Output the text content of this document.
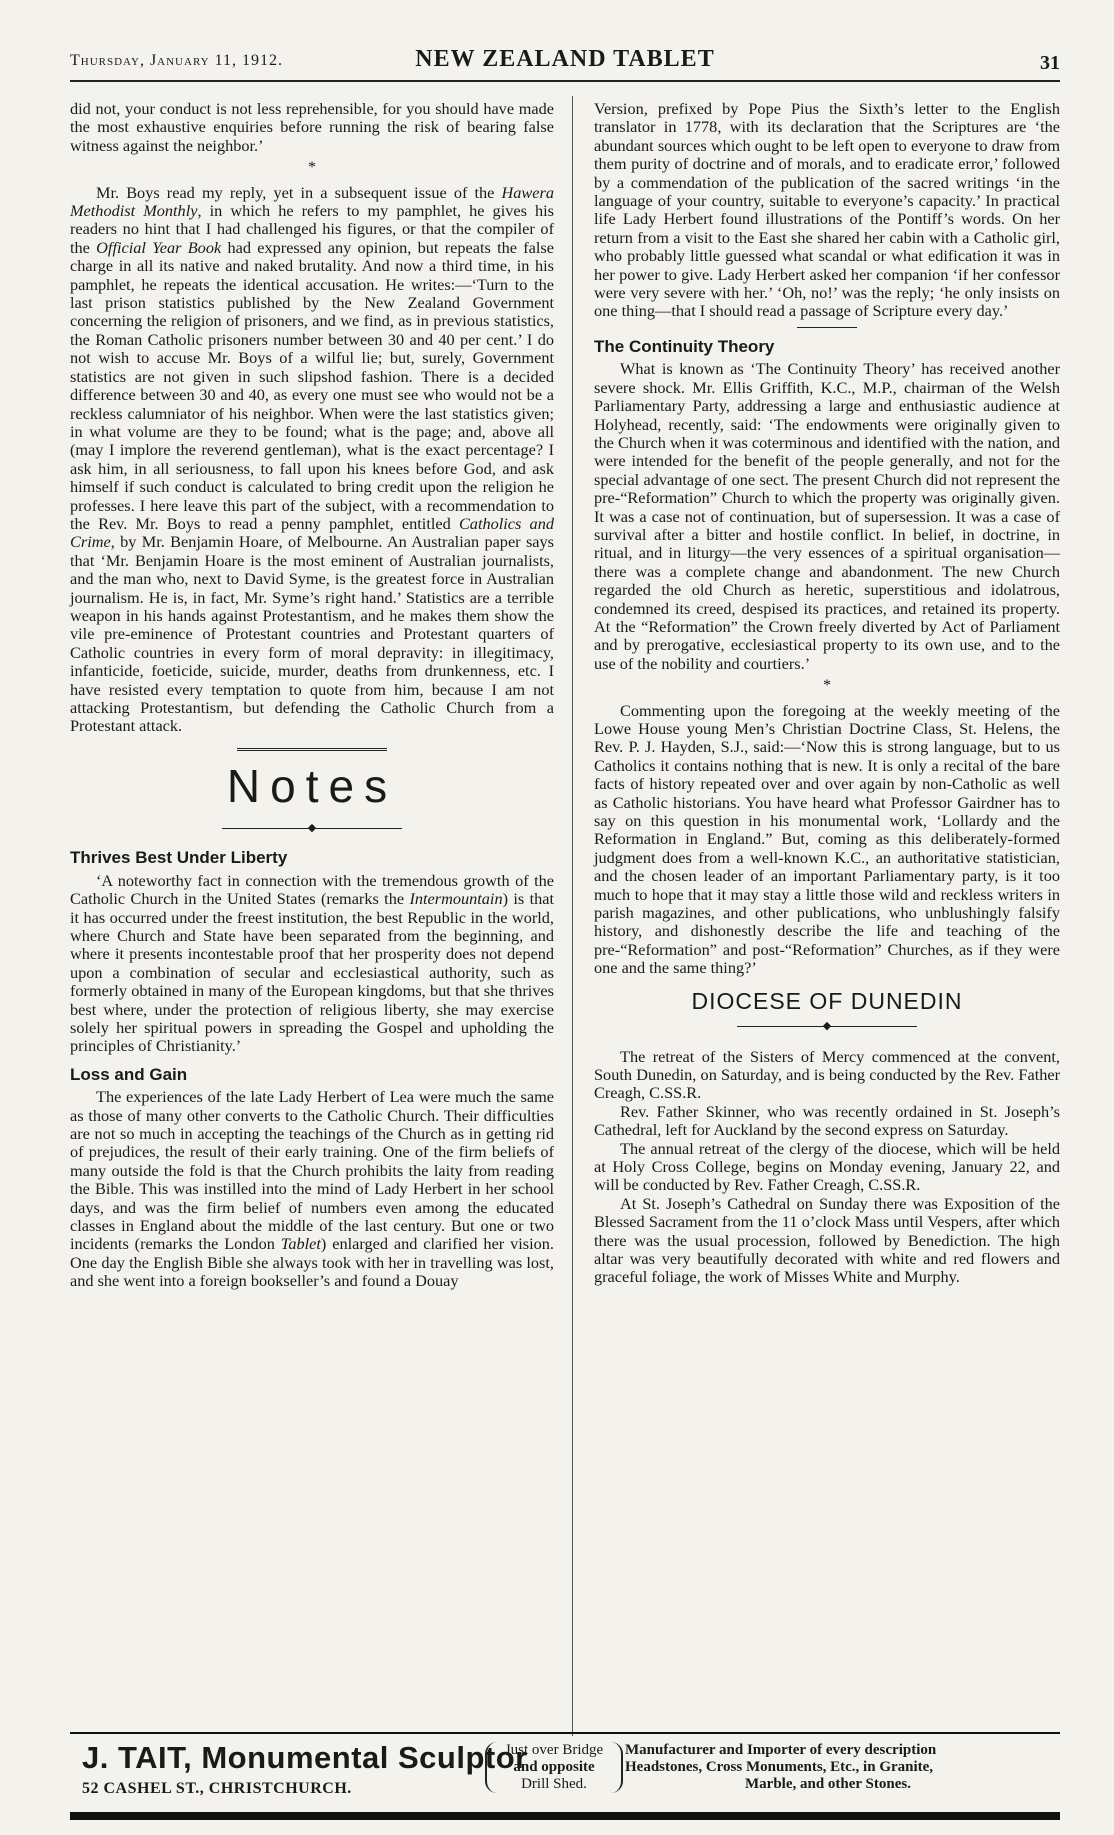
Thursday, January 11, 1912.	NEW ZEALAND TABLET	31

did not, your conduct is not less reprehensible, for you should have made the most exhaustive enquiries before running the risk of bearing false witness against the neighbor.’

*

Mr. Boys read my reply, yet in a subsequent issue of the Hawera Methodist Monthly, in which he refers to my pamphlet, he gives his readers no hint that I had challenged his figures, or that the compiler of the Official Year Book had expressed any opinion, but repeats the false charge in all its native and naked brutality. And now a third time, in his pamphlet, he repeats the identical accusation. He writes:—‘Turn to the last prison statistics published by the New Zealand Government concerning the religion of prisoners, and we find, as in previous statistics, the Roman Catholic prisoners number between 30 and 40 per cent.’ I do not wish to accuse Mr. Boys of a wilful lie; but, surely, Government statistics are not given in such slipshod fashion. There is a decided difference between 30 and 40, as every one must see who would not be a reckless calumniator of his neighbor. When were the last statistics given; in what volume are they to be found; what is the page; and, above all (may I implore the reverend gentleman), what is the exact percentage? I ask him, in all seriousness, to fall upon his knees before God, and ask himself if such conduct is calculated to bring credit upon the religion he professes. I here leave this part of the subject, with a recommendation to the Rev. Mr. Boys to read a penny pamphlet, entitled Catholics and Crime, by Mr. Benjamin Hoare, of Melbourne. An Australian paper says that ‘Mr. Benjamin Hoare is the most eminent of Australian journalists, and the man who, next to David Syme, is the greatest force in Australian journalism. He is, in fact, Mr. Syme’s right hand.’ Statistics are a terrible weapon in his hands against Protestantism, and he makes them show the vile pre-eminence of Protestant countries and Protestant quarters of Catholic countries in every form of moral depravity: in illegitimacy, infanticide, foeticide, suicide, murder, deaths from drunkenness, etc. I have resisted every temptation to quote from him, because I am not attacking Protestantism, but defending the Catholic Church from a Protestant attack.

Notes
◆
Thrives Best Under Liberty

‘A noteworthy fact in connection with the tremendous growth of the Catholic Church in the United States (remarks the Intermountain) is that it has occurred under the freest institution, the best Republic in the world, where Church and State have been separated from the beginning, and where it presents incontestable proof that her prosperity does not depend upon a combination of secular and ecclesiastical authority, such as formerly obtained in many of the European kingdoms, but that she thrives best where, under the protection of religious liberty, she may exercise solely her spiritual powers in spreading the Gospel and upholding the principles of Christianity.’

Loss and Gain

The experiences of the late Lady Herbert of Lea were much the same as those of many other converts to the Catholic Church. Their difficulties are not so much in accepting the teachings of the Church as in getting rid of prejudices, the result of their early training. One of the firm beliefs of many outside the fold is that the Church prohibits the laity from reading the Bible. This was instilled into the mind of Lady Herbert in her school days, and was the firm belief of numbers even among the educated classes in England about the middle of the last century. But one or two incidents (remarks the London Tablet) enlarged and clarified her vision. One day the English Bible she always took with her in travelling was lost, and she went into a foreign bookseller’s and found a Douay

Version, prefixed by Pope Pius the Sixth’s letter to the English translator in 1778, with its declaration that the Scriptures are ‘the abundant sources which ought to be left open to everyone to draw from them purity of doctrine and of morals, and to eradicate error,’ followed by a commendation of the publication of the sacred writings ‘in the language of your country, suitable to everyone’s capacity.’ In practical life Lady Herbert found illustrations of the Pontiff’s words. On her return from a visit to the East she shared her cabin with a Catholic girl, who probably little guessed what scandal or what edification it was in her power to give. Lady Herbert asked her companion ‘if her confessor were very severe with her.’ ‘Oh, no!’ was the reply; ‘he only insists on one thing—that I should read a passage of Scripture every day.’

The Continuity Theory

What is known as ‘The Continuity Theory’ has received another severe shock. Mr. Ellis Griffith, K.C., M.P., chairman of the Welsh Parliamentary Party, addressing a large and enthusiastic audience at Holyhead, recently, said: ‘The endowments were originally given to the Church when it was coterminous and identified with the nation, and were intended for the benefit of the people generally, and not for the special advantage of one sect. The present Church did not represent the pre-“Reformation” Church to which the property was originally given. It was a case not of continuation, but of supersession. It was a case of survival after a bitter and hostile conflict. In belief, in doctrine, in ritual, and in liturgy—the very essences of a spiritual organisation—there was a complete change and abandonment. The new Church regarded the old Church as heretic, superstitious and idolatrous, condemned its creed, despised its practices, and retained its property. At the “Reformation” the Crown freely diverted by Act of Parliament and by prerogative, ecclesiastical property to its own use, and to the use of the nobility and courtiers.’

*

Commenting upon the foregoing at the weekly meeting of the Lowe House young Men’s Christian Doctrine Class, St. Helens, the Rev. P. J. Hayden, S.J., said:—‘Now this is strong language, but to us Catholics it contains nothing that is new. It is only a recital of the bare facts of history repeated over and over again by non-Catholic as well as Catholic historians. You have heard what Professor Gairdner has to say on this question in his monumental work, ‘Lollardy and the Reformation in England.” But, coming as this deliberately-formed judgment does from a well-known K.C., an authoritative statistician, and the chosen leader of an important Parliamentary party, is it too much to hope that it may stay a little those wild and reckless writers in parish magazines, and other publications, who unblushingly falsify history, and dishonestly describe the life and teaching of the pre-“Reformation” and post-“Reformation” Churches, as if they were one and the same thing?’

DIOCESE OF DUNEDIN
◆

The retreat of the Sisters of Mercy commenced at the convent, South Dunedin, on Saturday, and is being conducted by the Rev. Father Creagh, C.SS.R.

Rev. Father Skinner, who was recently ordained in St. Joseph’s Cathedral, left for Auckland by the second express on Saturday.

The annual retreat of the clergy of the diocese, which will be held at Holy Cross College, begins on Monday evening, January 22, and will be conducted by Rev. Father Creagh, C.SS.R.

At St. Joseph’s Cathedral on Sunday there was Exposition of the Blessed Sacrament from the 11 o’clock Mass until Vespers, after which there was the usual procession, followed by Benediction. The high altar was very beautifully decorated with white and red flowers and graceful foliage, the work of Misses White and Murphy.

J. TAIT, Monumental Sculptor
52 CASHEL ST., CHRISTCHURCH.
Just over Bridge
and opposite
Drill Shed.
Manufacturer and Importer of every description
Headstones, Cross Monuments, Etc., in Granite,
Marble, and other Stones.
